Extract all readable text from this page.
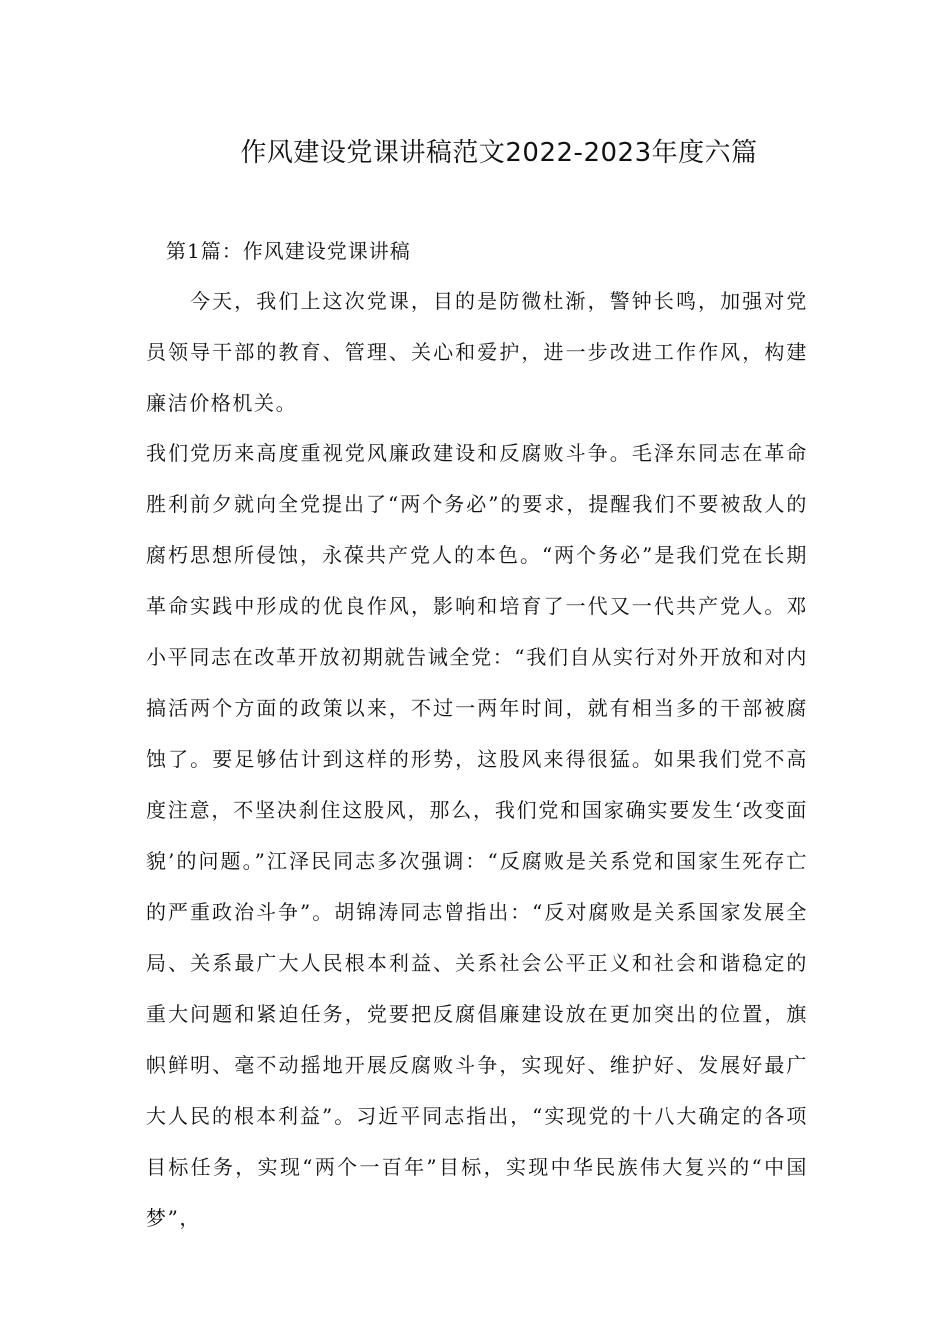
作风建设党课讲稿范文2022-2023年度六篇
第1篇：作风建设党课讲稿

今天，我们上这次党课，目的是防微杜渐，警钟长鸣，加强对党员领导干部的教育、管理、关心和爱护，进一步改进工作作风，构建廉洁价格机关。

我们党历来高度重视党风廉政建设和反腐败斗争。毛泽东同志在革命胜利前夕就向全党提出了“两个务必”的要求，提醒我们不要被敌人的腐朽思想所侵蚀，永葆共产党人的本色。“两个务必”是我们党在长期革命实践中形成的优良作风，影响和培育了一代又一代共产党人。邓小平同志在改革开放初期就告诫全党：“我们自从实行对外开放和对内搞活两个方面的政策以来，不过一两年时间，就有相当多的干部被腐蚀了。要足够估计到这样的形势，这股风来得很猛。如果我们党不高度注意，不坚决刹住这股风，那么，我们党和国家确实要发生‘改变面貌’的问题。”江泽民同志多次强调：“反腐败是关系党和国家生死存亡的严重政治斗争”。胡锦涛同志曾指出：“反对腐败是关系国家发展全局、关系最广大人民根本利益、关系社会公平正义和社会和谐稳定的重大问题和紧迫任务，党要把反腐倡廉建设放在更加突出的位置，旗帜鲜明、毫不动摇地开展反腐败斗争，实现好、维护好、发展好最广大人民的根本利益”。习近平同志指出，“实现党的十八大确定的各项目标任务，实现“两个一百年”目标，实现中华民族伟大复兴的“中国梦”，
